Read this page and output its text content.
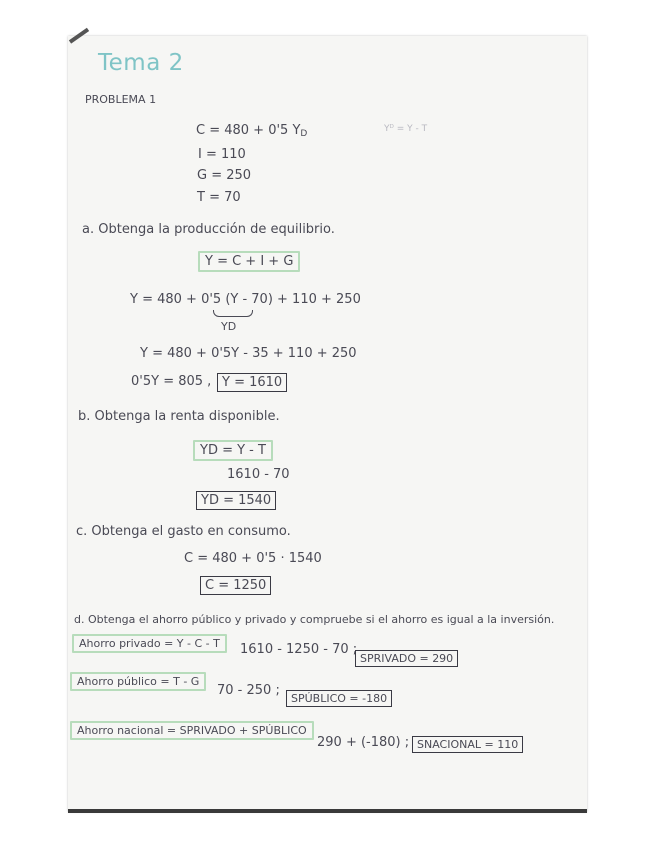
Tema 2
PROBLEMA 1
C = 480 + 0'5 $Y_D$
I = 110
G = 250
T = 70
Yᴰ = Y - T
a. Obtenga la producción de equilibrio.
Y = C + I + G
Y = 480 + 0'5 (Y - 70) + 110 + 250
YD
Y = 480 + 0'5Y - 35 + 110 + 250
0'5Y = 805 , Y = 1610
b. Obtenga la renta disponible.
YD = Y - T
1610 - 70
YD = 1540
c. Obtenga el gasto en consumo.
C = 480 + 0'5 · 1540
C = 1250
d. Obtenga el ahorro público y privado y compruebe si el ahorro es igual a la inversión.
Ahorro privado = Y - C - T	1610 - 1250 - 70 ;
SPRIVADO = 290
Ahorro público = T - G
70 - 250 ;
SPÚBLICO = -180
Ahorro nacional = SPRIVADO + SPÚBLICO
290 + (-180) ; SNACIONAL = 110
